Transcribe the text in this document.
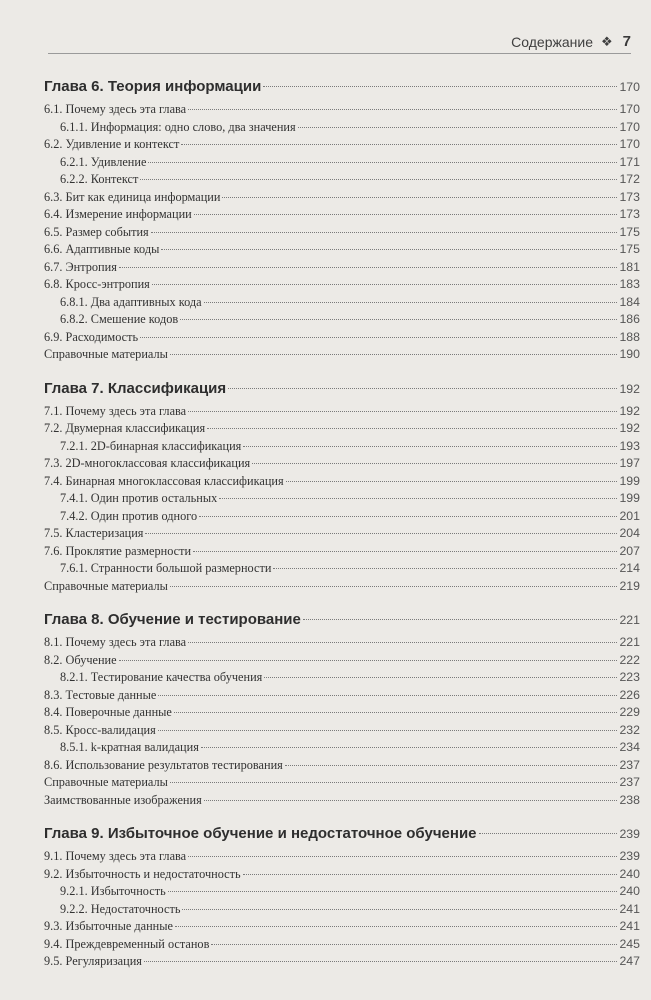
Содержание ❖ 7
Глава 6. Теория информации	170
6.1. Почему здесь эта глава	170
6.1.1. Информация: одно слово, два значения	170
6.2. Удивление и контекст	170
6.2.1. Удивление	171
6.2.2. Контекст	172
6.3. Бит как единица информации	173
6.4. Измерение информации	173
6.5. Размер события	175
6.6. Адаптивные коды	175
6.7. Энтропия	181
6.8. Кросс-энтропия	183
6.8.1. Два адаптивных кода	184
6.8.2. Смешение кодов	186
6.9. Расходимость	188
Справочные материалы	190
Глава 7. Классификация	192
7.1. Почему здесь эта глава	192
7.2. Двумерная классификация	192
7.2.1. 2D-бинарная классификация	193
7.3. 2D-многоклассовая классификация	197
7.4. Бинарная многоклассовая классификация	199
7.4.1. Один против остальных	199
7.4.2. Один против одного	201
7.5. Кластеризация	204
7.6. Проклятие размерности	207
7.6.1. Странности большой размерности	214
Справочные материалы	219
Глава 8. Обучение и тестирование	221
8.1. Почему здесь эта глава	221
8.2. Обучение	222
8.2.1. Тестирование качества обучения	223
8.3. Тестовые данные	226
8.4. Поверочные данные	229
8.5. Кросс-валидация	232
8.5.1. k-кратная валидация	234
8.6. Использование результатов тестирования	237
Справочные материалы	237
Заимствованные изображения	238
Глава 9. Избыточное обучение и недостаточное обучение	239
9.1. Почему здесь эта глава	239
9.2. Избыточность и недостаточность	240
9.2.1. Избыточность	240
9.2.2. Недостаточность	241
9.3. Избыточные данные	241
9.4. Преждевременный останов	245
9.5. Регуляризация	247
